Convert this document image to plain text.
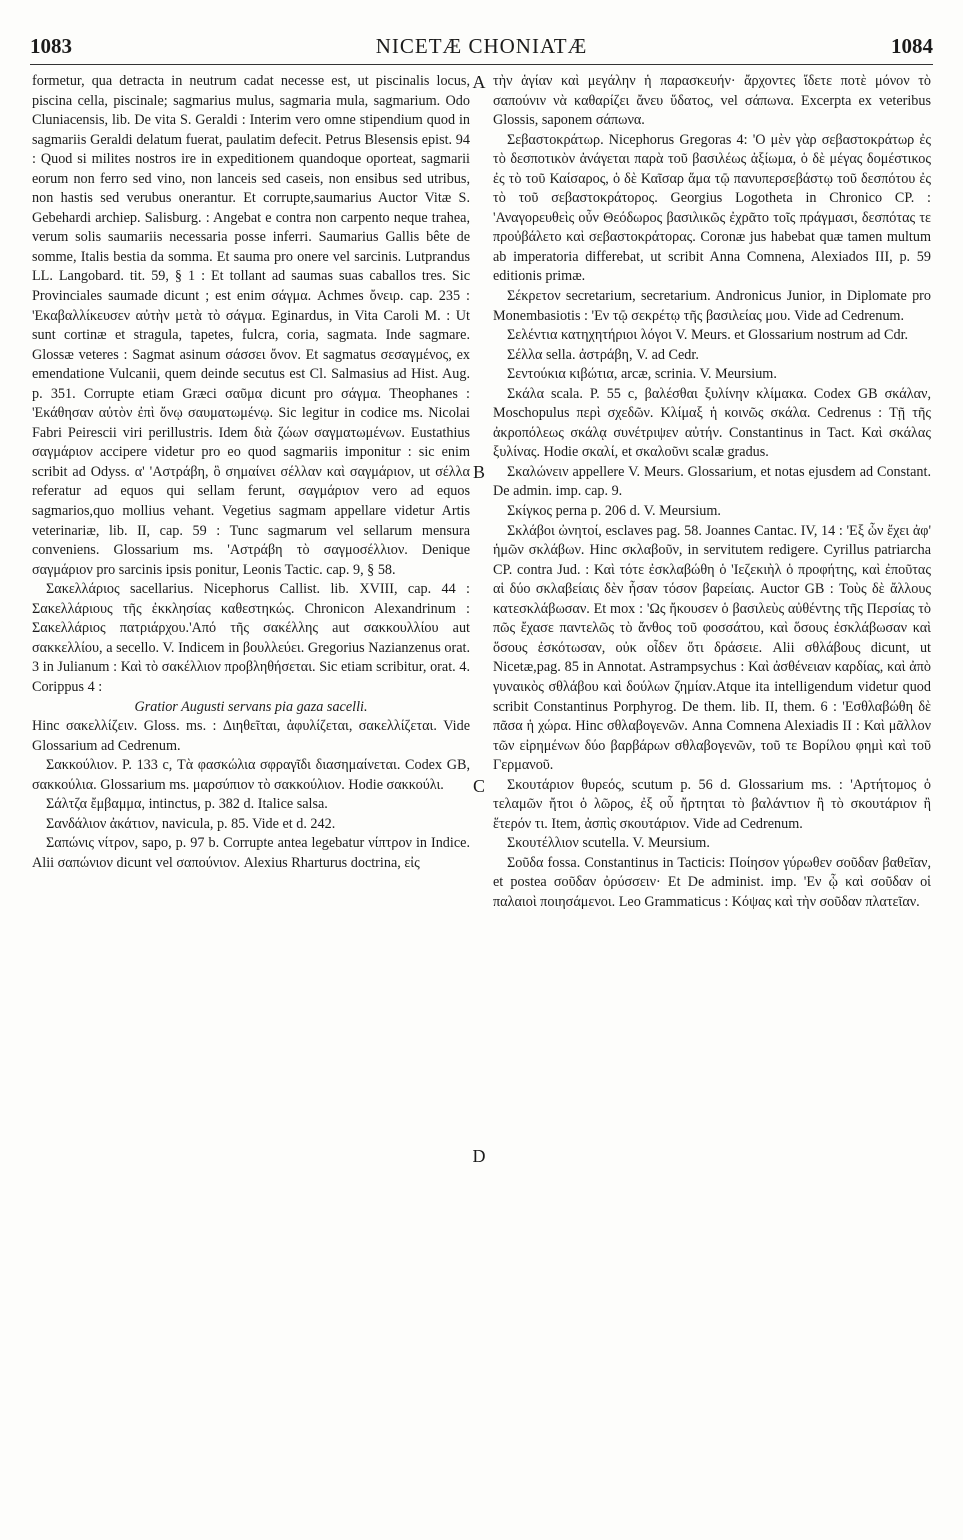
1083	NICETÆ CHONIATÆ	1084
A
B
C
D

formetur, qua detracta in neutrum cadat necesse est, ut piscinalis locus, piscina cella, piscinale; sagmarius mulus, sagmaria mula, sagmarium. Odo Cluniacensis, lib. De vita S. Geraldi : Interim vero omne stipendium quod in sagmariis Geraldi delatum fuerat, paulatim defecit. Petrus Blesensis epist. 94 : Quod si milites nostros ire in expeditionem quandoque oporteat, sagmarii eorum non ferro sed vino, non lanceis sed caseis, non ensibus sed utribus, non hastis sed verubus onerantur. Et corrupte,saumarius Auctor Vitæ S. Gebehardi archiep. Salisburg. : Angebat e contra non carpento neque trahea, verum solis saumariis necessaria posse inferri. Saumarius Gallis bête de somme, Italis bestia da somma. Et sauma pro onere vel sarcinis. Lutprandus LL. Langobard. tit. 59, § 1 : Et tollant ad saumas suas caballos tres. Sic Provinciales saumade dicunt ; est enim σάγμα. Achmes ὄνειρ. cap. 235 : 'Εκαβαλλίκευσεν αὐτὴν μετὰ τὸ σάγμα. Eginardus, in Vita Caroli M. : Ut sunt cortinæ et stragula, tapetes, fulcra, coria, sagmata. Inde sagmare. Glossæ veteres : Sagmat asinum σάσσει ὄνον. Et sagmatus σεσαγμένος, ex emendatione Vulcanii, quem deinde secutus est Cl. Salmasius ad Hist. Aug. p. 351. Corrupte etiam Græci σαῦμα dicunt pro σάγμα. Theophanes : 'Εκάθησαν αὐτὸν ἐπὶ ὄνῳ σαυματωμένῳ. Sic legitur in codice ms. Nicolai Fabri Peirescii viri perillustris. Idem διὰ ζώων σαγματωμένων. Eustathius σαγμάριον accipere videtur pro eo quod sagmariis imponitur : sic enim scribit ad Odyss. α' 'Αστράβη, ὃ σημαίνει σέλλαν καὶ σαγμάριον, ut σέλλα referatur ad equos qui sellam ferunt, σαγμάριον vero ad equos sagmarios,quo mollius vehant. Vegetius sagmam appellare videtur Artis veterinariæ, lib. II, cap. 59 : Tunc sagmarum vel sellarum mensura conveniens. Glossarium ms. 'Αστράβη τὸ σαγμοσέλλιον. Denique σαγμάριον pro sarcinis ipsis ponitur, Leonis Tactic. cap. 9, § 58.

Σακελλάριος sacellarius. Nicephorus Callist. lib. XVIII, cap. 44 : Σακελλάριους τῆς ἐκκλησίας καθεστηκώς. Chronicon Alexandrinum : Σακελλάριος πατριάρχου.'Από τῆς σακέλλης aut σακκουλλίου aut σακκελλίου, a secello. V. Indicem in βουλλεύει. Gregorius Nazianzenus orat. 3 in Julianum : Καὶ τὸ σακέλλιον προβληθήσεται. Sic etiam scribitur, orat. 4. Corippus 4 :

Gratior Augusti servans pia gaza sacelli.

Hinc σακελλίζειν. Gloss. ms. : Διηθεῖται, ἀφυλίζεται, σακελλίζεται. Vide Glossarium ad Cedrenum.

Σακκούλιον. P. 133 c, Τὰ φασκώλια σφραγῖδι διασημαίνεται. Codex GB, σακκούλια. Glossarium ms. μαρσύπιον τὸ σακκούλιον. Hodie σακκούλι.

Σάλτζα ἔμβαμμα, intinctus, p. 382 d. Italice salsa.

Σανδάλιον ἀκάτιον, navicula, p. 85. Vide et d. 242.

Σαπώνις νίτρον, sapo, p. 97 b. Corrupte antea legebatur νίπτρον in Indice. Alii σαπώνιον dicunt vel σαπούνιον. Alexius Rharturus doctrina, εἰς

τὴν ἁγίαν καὶ μεγάλην ἡ παρασκευήν· ἄρχοντες ἴδετε ποτὲ μόνον τὸ σαπούνιν νὰ καθαρίζει ἄνευ ὕδατος, vel σάπωνα. Excerpta ex veteribus Glossis, saponem σάπωνα.

Σεβαστοκράτωρ. Nicephorus Gregoras 4: 'Ο μὲν γὰρ σεβαστοκράτωρ ἐς τὸ δεσποτικὸν ἀνάγεται παρὰ τοῦ βασιλέως ἀξίωμα, ὁ δὲ μέγας δομέστικος ἐς τὸ τοῦ Καίσαρος, ὁ δὲ Καῖσαρ ἅμα τῷ πανυπερσεβάστῳ τοῦ δεσπότου ἐς τὸ τοῦ σεβαστοκράτορος. Georgius Logotheta in Chronico CP. : 'Αναγορευθεὶς οὖν Θεόδωρος βασιλικῶς ἐχρᾶτο τοῖς πράγμασι, δεσπότας τε προὐβάλετο καὶ σεβαστοκράτορας. Coronæ jus habebat quæ tamen multum ab imperatoria differebat, ut scribit Anna Comnena, Alexiados III, p. 59 editionis primæ.

Σέκρετον secretarium, secretarium. Andronicus Junior, in Diplomate pro Monembasiotis : 'Εν τῷ σεκρέτῳ τῆς βασιλείας μου. Vide ad Cedrenum.

Σελέντια κατηχητήριοι λόγοι V. Meurs. et Glossarium nostrum ad Cdr.

Σέλλα sella. ἀστράβη, V. ad Cedr.

Σεντούκια κιβώτια, arcæ, scrinia. V. Meursium.

Σκάλα scala. P. 55 c, βαλέσθαι ξυλίνην κλίμακα. Codex GB σκάλαν, Moschopulus περὶ σχεδῶν. Κλίμαξ ἡ κοινῶς σκάλα. Cedrenus : Τῇ τῆς ἀκροπόλεως σκάλᾳ συνέτριψεν αὐτήν. Constantinus in Tact. Καὶ σκάλας ξυλίνας. Hodie σκαλί, et σκαλοῦνι scalæ gradus.

Σκαλώνειν appellere V. Meurs. Glossarium, et notas ejusdem ad Constant. De admin. imp. cap. 9.

Σκίγκος perna p. 206 d. V. Meursium.

Σκλάβοι ὠνητοί, esclaves pag. 58. Joannes Cantac. IV, 14 : 'Εξ ὧν ἔχει ἀφ' ἡμῶν σκλάβων. Hinc σκλαβοῦν, in servitutem redigere. Cyrillus patriarcha CP. contra Jud. : Καὶ τότε ἐσκλαβώθη ὁ 'Ιεζεκιὴλ ὁ προφήτης, καὶ ἐποῦτας αἱ δύο σκλαβείαις δὲν ἦσαν τόσον βαρείαις. Auctor GB : Τοὺς δὲ ἄλλους κατεσκλάβωσαν. Et mox : 'Ως ἤκουσεν ὁ βασιλεὺς αὐθέντης τῆς Περσίας τὸ πῶς ἔχασε παντελῶς τὸ ἄνθος τοῦ φοσσάτου, καὶ ὅσους ἐσκλάβωσαν καὶ ὅσους ἐσκότωσαν, οὐκ οἶδεν ὅτι δράσειε. Alii σθλάβους dicunt, ut Nicetæ,pag. 85 in Annotat. Astrampsychus : Καὶ ἀσθένειαν καρδίας, καὶ ἀπὸ γυναικὸς σθλάβου καὶ δούλων ζημίαν.Atque ita intelligendum videtur quod scribit Constantinus Porphyrog. De them. lib. II, them. 6 : 'Εσθλαβώθη δὲ πᾶσα ἡ χώρα. Hinc σθλαβογενῶν. Anna Comnena Alexiadis II : Καὶ μᾶλλον τῶν εἰρημένων δύο βαρβάρων σθλαβογενῶν, τοῦ τε Βορίλου φημὶ καὶ τοῦ Γερμανοῦ.

Σκουτάριον θυρεός, scutum p. 56 d. Glossarium ms. : 'Αρτήτομος ὁ τελαμῶν ἤτοι ὁ λῶρος, ἐξ οὗ ἤρτηται τὸ βαλάντιον ἢ τὸ σκουτάριον ἢ ἕτερόν τι. Item, ἀσπὶς σκουτάριον. Vide ad Cedrenum.

Σκουτέλλιον scutella. V. Meursium.

Σοῦδα fossa. Constantinus in Tacticis: Ποίησον γύρωθεν σοῦδαν βαθεῖαν, et postea σοῦδαν ὀρύσσειν· Et De administ. imp. 'Εν ᾧ καὶ σοῦδαν οἱ παλαιοὶ ποιησάμενοι. Leo Grammaticus : Κόψας καὶ τὴν σοῦδαν πλατεῖαν.
